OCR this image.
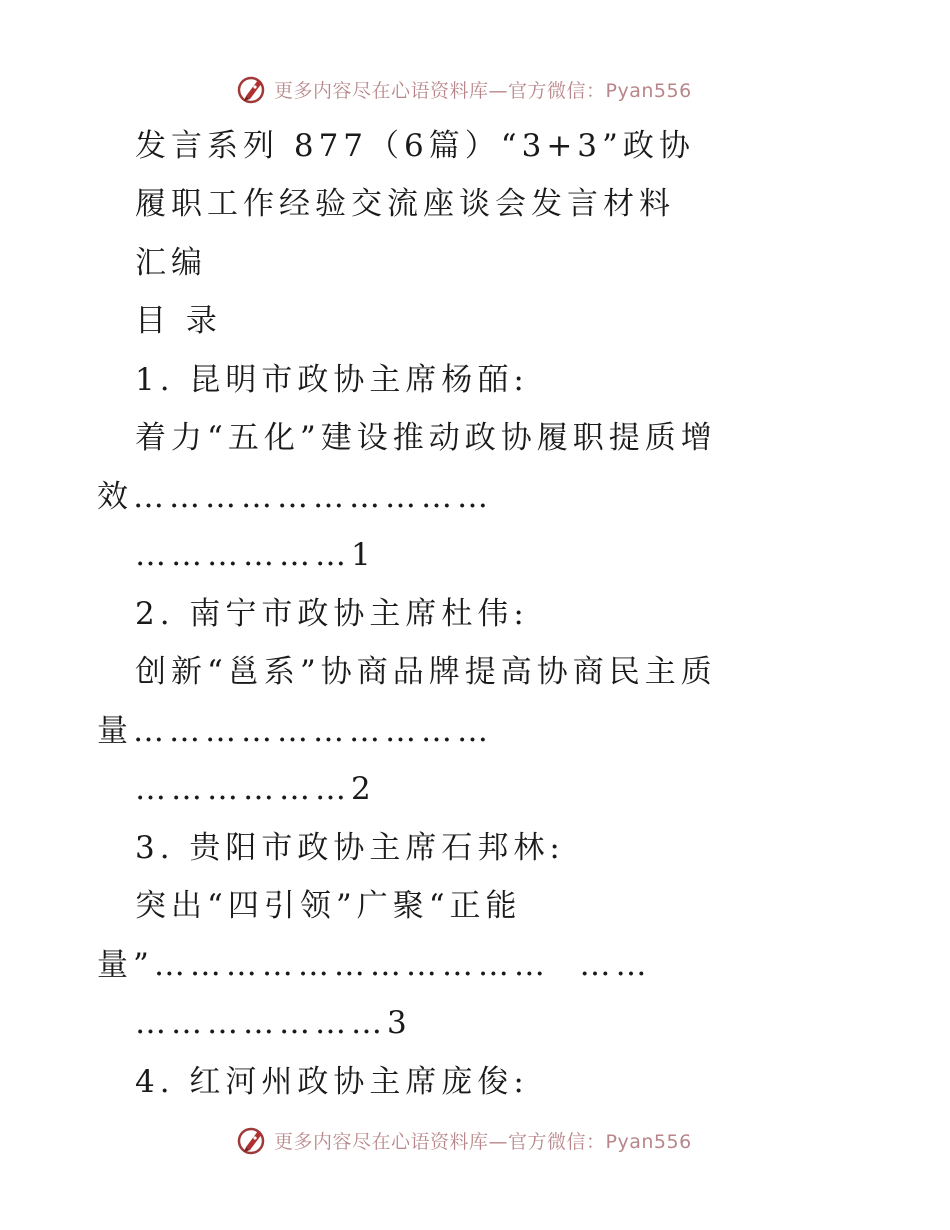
更多内容尽在心语资料库—官方微信：Pyan556
发言系列 877（6篇）“3+3”政协
履职工作经验交流座谈会发言材料
汇编
目 录
1. 昆明市政协主席杨皕:
着力“五化”建设推动政协履职提质增
效…………………………
………………1
2. 南宁市政协主席杜伟:
创新“邕系”协商品牌提高协商民主质
量…………………………
………………2
3. 贵阳市政协主席石邦林:
突出“四引领”广聚“正能
量”……………………………  ……
…………………3
4. 红河州政协主席庞俊:
更多内容尽在心语资料库—官方微信：Pyan556
